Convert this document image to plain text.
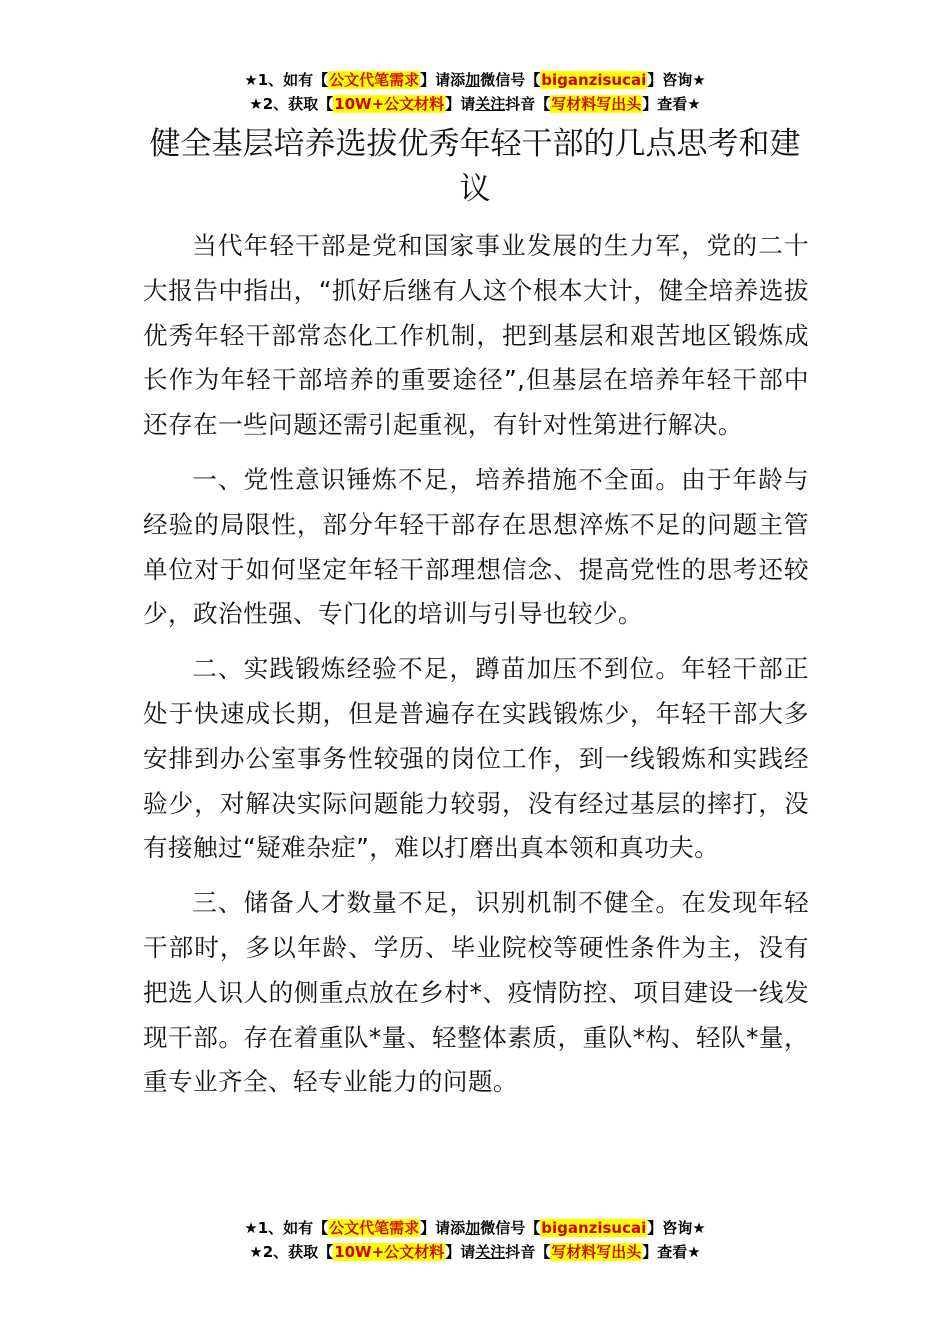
★1、如有【公文代笔需求】请添加微信号【biganzisucai】咨询★
★2、获取【10W+公文材料】请关注抖音【写材料写出头】查看★
健全基层培养选拔优秀年轻干部的几点思考和建议

当代年轻干部是党和国家事业发展的生力军，党的二十大报告中指出，“抓好后继有人这个根本大计，健全培养选拔优秀年轻干部常态化工作机制，把到基层和艰苦地区锻炼成长作为年轻干部培养的重要途径”,但基层在培养年轻干部中还存在一些问题还需引起重视，有针对性第进行解决。

一、党性意识锤炼不足，培养措施不全面。由于年龄与经验的局限性，部分年轻干部存在思想淬炼不足的问题主管单位对于如何坚定年轻干部理想信念、提高党性的思考还较少，政治性强、专门化的培训与引导也较少。

二、实践锻炼经验不足，蹲苗加压不到位。年轻干部正处于快速成长期，但是普遍存在实践锻炼少，年轻干部大多安排到办公室事务性较强的岗位工作，到一线锻炼和实践经验少，对解决实际问题能力较弱，没有经过基层的摔打，没有接触过“疑难杂症”，难以打磨出真本领和真功夫。

三、储备人才数量不足，识别机制不健全。在发现年轻干部时，多以年龄、学历、毕业院校等硬性条件为主，没有把选人识人的侧重点放在乡村*、疫情防控、项目建设一线发现干部。存在着重队*量、轻整体素质，重队*构、轻队*量，重专业齐全、轻专业能力的问题。

★1、如有【公文代笔需求】请添加微信号【biganzisucai】咨询★
★2、获取【10W+公文材料】请关注抖音【写材料写出头】查看★
